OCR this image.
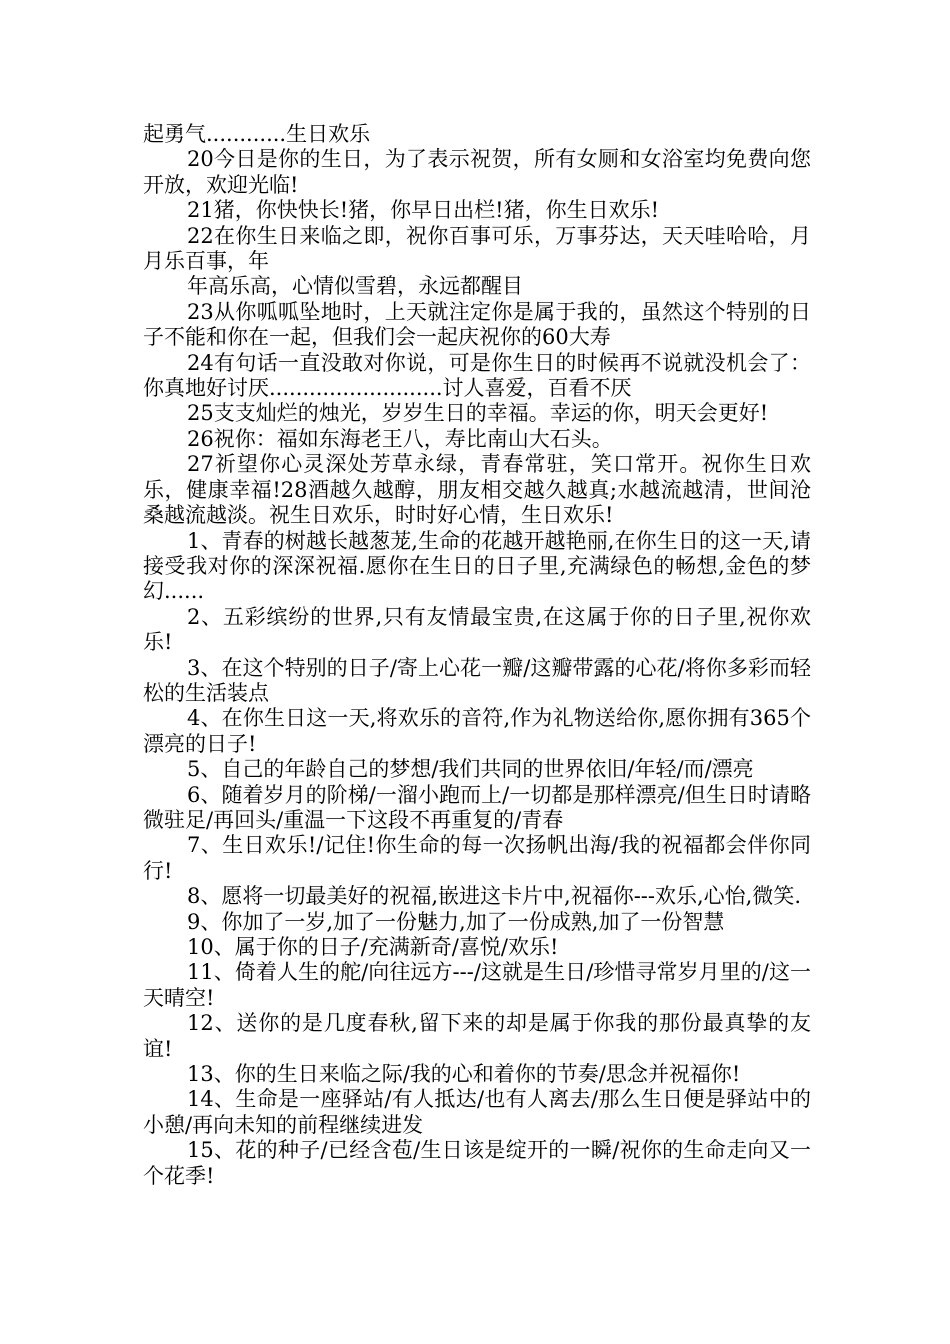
起勇气............生日欢乐

20今日是你的生日，为了表示祝贺，所有女厕和女浴室均免费向您开放，欢迎光临!

21猪，你快快长!猪，你早日出栏!猪，你生日欢乐!

22在你生日来临之即，祝你百事可乐，万事芬达，天天哇哈哈，月月乐百事，年

年高乐高，心情似雪碧，永远都醒目

23从你呱呱坠地时，上天就注定你是属于我的，虽然这个特别的日子不能和你在一起，但我们会一起庆祝你的60大寿

24有句话一直没敢对你说，可是你生日的时候再不说就没机会了：你真地好讨厌..........................讨人喜爱，百看不厌

25支支灿烂的烛光，岁岁生日的幸福。幸运的你，明天会更好!

26祝你：福如东海老王八，寿比南山大石头。

27祈望你心灵深处芳草永绿，青春常驻，笑口常开。祝你生日欢乐，健康幸福!28酒越久越醇，朋友相交越久越真;水越流越清，世间沧桑越流越淡。祝生日欢乐，时时好心情，生日欢乐!

1、青春的树越长越葱茏,生命的花越开越艳丽,在你生日的这一天,请接受我对你的深深祝福.愿你在生日的日子里,充满绿色的畅想,金色的梦幻......

2、五彩缤纷的世界,只有友情最宝贵,在这属于你的日子里,祝你欢乐!

3、在这个特别的日子/寄上心花一瓣/这瓣带露的心花/将你多彩而轻松的生活装点

4、在你生日这一天,将欢乐的音符,作为礼物送给你,愿你拥有365个漂亮的日子!

5、自己的年龄自己的梦想/我们共同的世界依旧/年轻/而/漂亮

6、随着岁月的阶梯/一溜小跑而上/一切都是那样漂亮/但生日时请略微驻足/再回头/重温一下这段不再重复的/青春

7、生日欢乐!/记住!你生命的每一次扬帆出海/我的祝福都会伴你同行!

8、愿将一切最美好的祝福,嵌进这卡片中,祝福你---欢乐,心怡,微笑.

9、你加了一岁,加了一份魅力,加了一份成熟,加了一份智慧

10、属于你的日子/充满新奇/喜悦/欢乐!

11、倚着人生的舵/向往远方---/这就是生日/珍惜寻常岁月里的/这一天晴空!

12、送你的是几度春秋,留下来的却是属于你我的那份最真挚的友谊!

13、你的生日来临之际/我的心和着你的节奏/思念并祝福你!

14、生命是一座驿站/有人抵达/也有人离去/那么生日便是驿站中的小憩/再向未知的前程继续进发

15、花的种子/已经含苞/生日该是绽开的一瞬/祝你的生命走向又一个花季!
